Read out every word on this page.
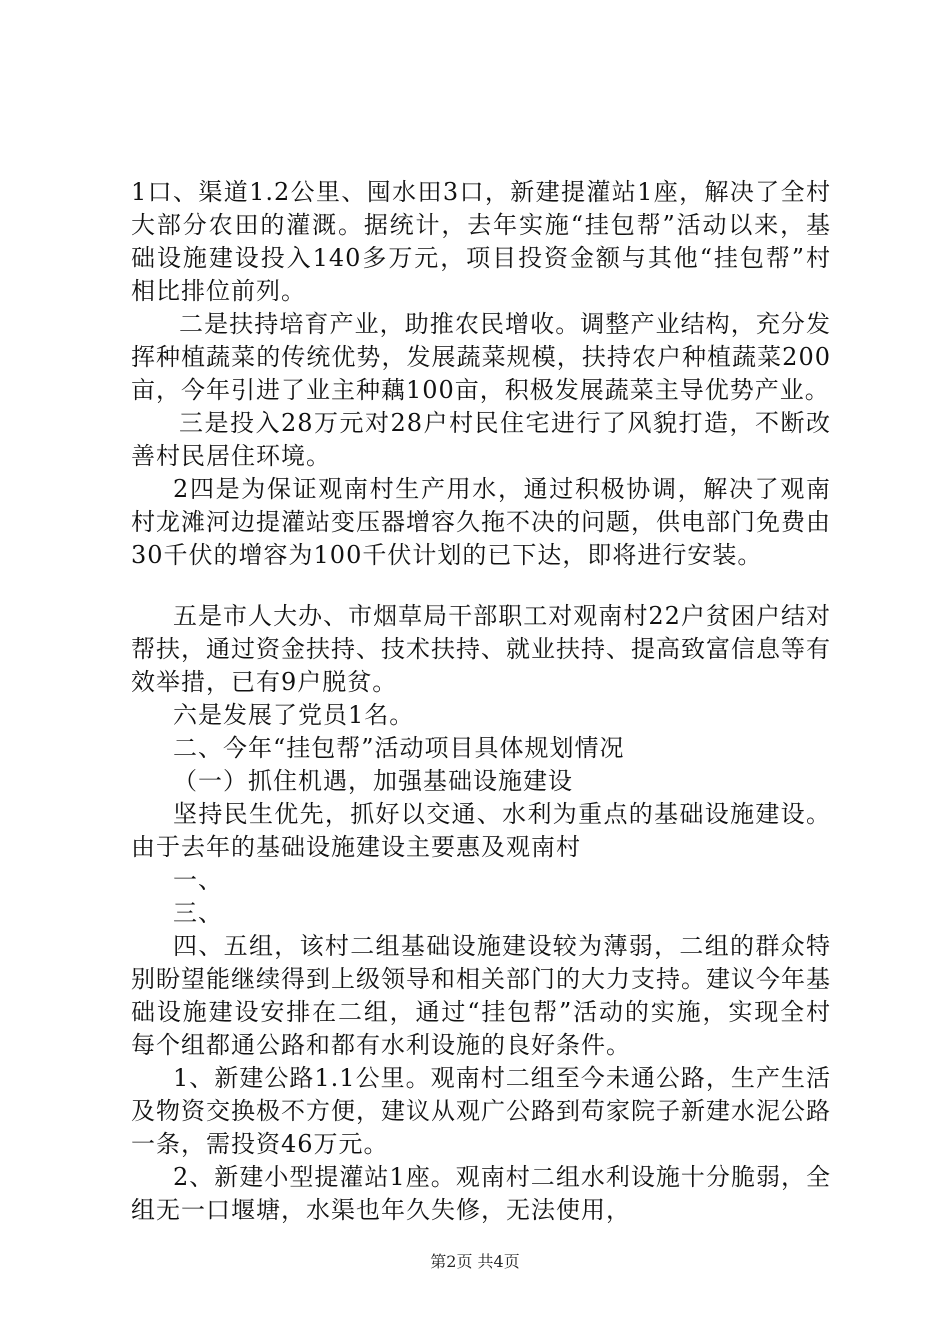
1口、渠道1.2公里、囤水田3口，新建提灌站1座，解决了全村大部分农田的灌溉。据统计，去年实施“挂包帮”活动以来，基础设施建设投入140多万元，项目投资金额与其他“挂包帮”村相比排位前列。

二是扶持培育产业，助推农民增收。调整产业结构，充分发挥种植蔬菜的传统优势，发展蔬菜规模，扶持农户种植蔬菜200亩，今年引进了业主种藕100亩，积极发展蔬菜主导优势产业。

三是投入28万元对28户村民住宅进行了风貌打造，不断改善村民居住环境。

2四是为保证观南村生产用水，通过积极协调，解决了观南村龙滩河边提灌站变压器增容久拖不决的问题，供电部门免费由30千伏的增容为100千伏计划的已下达，即将进行安装。

五是市人大办、市烟草局干部职工对观南村22户贫困户结对帮扶，通过资金扶持、技术扶持、就业扶持、提高致富信息等有效举措，已有9户脱贫。

六是发展了党员1名。

二、今年“挂包帮”活动项目具体规划情况

（一）抓住机遇，加强基础设施建设

坚持民生优先，抓好以交通、水利为重点的基础设施建设。由于去年的基础设施建设主要惠及观南村

一、

三、

四、五组，该村二组基础设施建设较为薄弱，二组的群众特别盼望能继续得到上级领导和相关部门的大力支持。建议今年基础设施建设安排在二组，通过“挂包帮”活动的实施，实现全村每个组都通公路和都有水利设施的良好条件。

1、新建公路1.1公里。观南村二组至今未通公路，生产生活及物资交换极不方便，建议从观广公路到苟家院子新建水泥公路一条，需投资46万元。

2、新建小型提灌站1座。观南村二组水利设施十分脆弱，全组无一口堰塘，水渠也年久失修，无法使用，

第2页 共4页
